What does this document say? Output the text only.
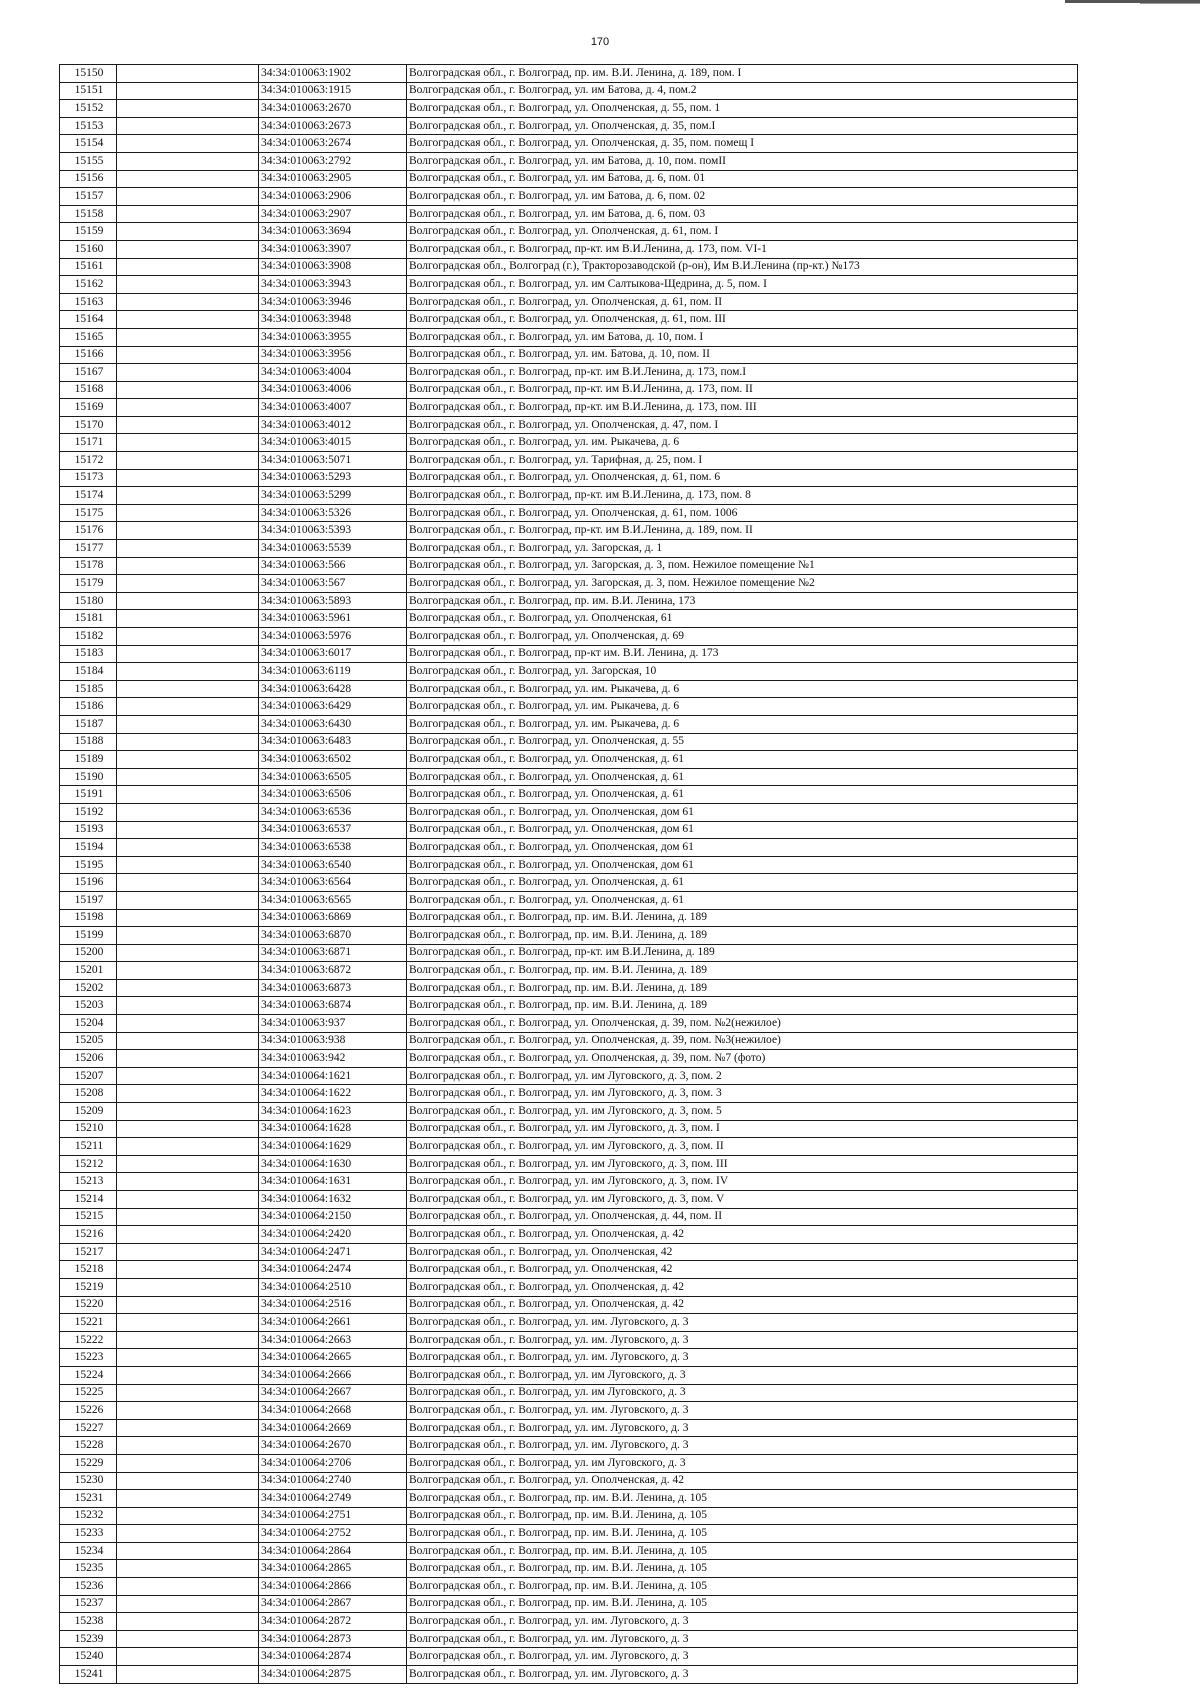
170
15150		34:34:010063:1902	Волгоградская обл., г. Волгоград, пр. им. В.И. Ленина, д. 189, пом. I
15151		34:34:010063:1915	Волгоградская обл., г. Волгоград, ул. им Батова, д. 4, пом.2
15152		34:34:010063:2670	Волгоградская обл., г. Волгоград, ул. Ополченская, д. 55, пом. 1
15153		34:34:010063:2673	Волгоградская обл., г. Волгоград, ул. Ополченская, д. 35, пом.I
15154		34:34:010063:2674	Волгоградская обл., г. Волгоград, ул. Ополченская, д. 35, пом. помещ I
15155		34:34:010063:2792	Волгоградская обл., г. Волгоград, ул. им Батова, д. 10, пом. помII
15156		34:34:010063:2905	Волгоградская обл., г. Волгоград, ул. им Батова, д. 6, пом. 01
15157		34:34:010063:2906	Волгоградская обл., г. Волгоград, ул. им Батова, д. 6, пом. 02
15158		34:34:010063:2907	Волгоградская обл., г. Волгоград, ул. им Батова, д. 6, пом. 03
15159		34:34:010063:3694	Волгоградская обл., г. Волгоград, ул. Ополченская, д. 61, пом. I
15160		34:34:010063:3907	Волгоградская обл., г. Волгоград, пр-кт. им В.И.Ленина, д. 173, пом. VI-1
15161		34:34:010063:3908	Волгоградская обл., Волгоград (г.), Тракторозаводской (р-он), Им В.И.Ленина (пр-кт.) №173
15162		34:34:010063:3943	Волгоградская обл., г. Волгоград, ул. им Салтыкова-Щедрина, д. 5, пом. I
15163		34:34:010063:3946	Волгоградская обл., г. Волгоград, ул. Ополченская, д. 61, пом. II
15164		34:34:010063:3948	Волгоградская обл., г. Волгоград, ул. Ополченская, д. 61, пом. III
15165		34:34:010063:3955	Волгоградская обл., г. Волгоград, ул. им Батова, д. 10, пом. I
15166		34:34:010063:3956	Волгоградская обл., г. Волгоград, ул. им. Батова, д. 10, пом. II
15167		34:34:010063:4004	Волгоградская обл., г. Волгоград, пр-кт. им В.И.Ленина, д. 173, пом.I
15168		34:34:010063:4006	Волгоградская обл., г. Волгоград, пр-кт. им В.И.Ленина, д. 173, пом. II
15169		34:34:010063:4007	Волгоградская обл., г. Волгоград, пр-кт. им В.И.Ленина, д. 173, пом. III
15170		34:34:010063:4012	Волгоградская обл., г. Волгоград, ул. Ополченская, д. 47, пом. I
15171		34:34:010063:4015	Волгоградская обл., г. Волгоград, ул. им. Рыкачева, д. 6
15172		34:34:010063:5071	Волгоградская обл., г. Волгоград, ул. Тарифная, д. 25, пом. I
15173		34:34:010063:5293	Волгоградская обл., г. Волгоград, ул. Ополченская, д. 61, пом. 6
15174		34:34:010063:5299	Волгоградская обл., г. Волгоград, пр-кт. им В.И.Ленина, д. 173, пом. 8
15175		34:34:010063:5326	Волгоградская обл., г. Волгоград, ул. Ополченская, д. 61, пом. 1006
15176		34:34:010063:5393	Волгоградская обл., г. Волгоград, пр-кт. им В.И.Ленина, д. 189, пом. II
15177		34:34:010063:5539	Волгоградская обл., г. Волгоград, ул. Загорская, д. 1
15178		34:34:010063:566	Волгоградская обл., г. Волгоград, ул. Загорская, д. 3, пом. Нежилое помещение №1
15179		34:34:010063:567	Волгоградская обл., г. Волгоград, ул. Загорская, д. 3, пом. Нежилое помещение №2
15180		34:34:010063:5893	Волгоградская обл., г. Волгоград, пр. им. В.И. Ленина, 173
15181		34:34:010063:5961	Волгоградская обл., г. Волгоград, ул. Ополченская, 61
15182		34:34:010063:5976	Волгоградская обл., г. Волгоград, ул. Ополченская, д. 69
15183		34:34:010063:6017	Волгоградская обл., г. Волгоград, пр-кт им. В.И. Ленина, д. 173
15184		34:34:010063:6119	Волгоградская обл., г. Волгоград, ул. Загорская, 10
15185		34:34:010063:6428	Волгоградская обл., г. Волгоград, ул. им. Рыкачева, д. 6
15186		34:34:010063:6429	Волгоградская обл., г. Волгоград, ул. им. Рыкачева, д. 6
15187		34:34:010063:6430	Волгоградская обл., г. Волгоград, ул. им. Рыкачева, д. 6
15188		34:34:010063:6483	Волгоградская обл., г. Волгоград, ул. Ополченская, д. 55
15189		34:34:010063:6502	Волгоградская обл., г. Волгоград, ул. Ополченская, д. 61
15190		34:34:010063:6505	Волгоградская обл., г. Волгоград, ул. Ополченская, д. 61
15191		34:34:010063:6506	Волгоградская обл., г. Волгоград, ул. Ополченская, д. 61
15192		34:34:010063:6536	Волгоградская обл., г. Волгоград, ул. Ополченская, дом 61
15193		34:34:010063:6537	Волгоградская обл., г. Волгоград, ул. Ополченская, дом 61
15194		34:34:010063:6538	Волгоградская обл., г. Волгоград, ул. Ополченская, дом 61
15195		34:34:010063:6540	Волгоградская обл., г. Волгоград, ул. Ополченская, дом 61
15196		34:34:010063:6564	Волгоградская обл., г. Волгоград, ул. Ополченская, д. 61
15197		34:34:010063:6565	Волгоградская обл., г. Волгоград, ул. Ополченская, д. 61
15198		34:34:010063:6869	Волгоградская обл., г. Волгоград, пр. им. В.И. Ленина, д. 189
15199		34:34:010063:6870	Волгоградская обл., г. Волгоград, пр. им. В.И. Ленина, д. 189
15200		34:34:010063:6871	Волгоградская обл., г. Волгоград, пр-кт. им В.И.Ленина, д. 189
15201		34:34:010063:6872	Волгоградская обл., г. Волгоград, пр. им. В.И. Ленина, д. 189
15202		34:34:010063:6873	Волгоградская обл., г. Волгоград, пр. им. В.И. Ленина, д. 189
15203		34:34:010063:6874	Волгоградская обл., г. Волгоград, пр. им. В.И. Ленина, д. 189
15204		34:34:010063:937	Волгоградская обл., г. Волгоград, ул. Ополченская, д. 39, пом. №2(нежилое)
15205		34:34:010063:938	Волгоградская обл., г. Волгоград, ул. Ополченская, д. 39, пом. №3(нежилое)
15206		34:34:010063:942	Волгоградская обл., г. Волгоград, ул. Ополченская, д. 39, пом. №7 (фото)
15207		34:34:010064:1621	Волгоградская обл., г. Волгоград, ул. им Луговского, д. 3, пом. 2
15208		34:34:010064:1622	Волгоградская обл., г. Волгоград, ул. им Луговского, д. 3, пом. 3
15209		34:34:010064:1623	Волгоградская обл., г. Волгоград, ул. им Луговского, д. 3, пом. 5
15210		34:34:010064:1628	Волгоградская обл., г. Волгоград, ул. им Луговского, д. 3, пом. I
15211		34:34:010064:1629	Волгоградская обл., г. Волгоград, ул. им Луговского, д. 3, пом. II
15212		34:34:010064:1630	Волгоградская обл., г. Волгоград, ул. им Луговского, д. 3, пом. III
15213		34:34:010064:1631	Волгоградская обл., г. Волгоград, ул. им Луговского, д. 3, пом. IV
15214		34:34:010064:1632	Волгоградская обл., г. Волгоград, ул. им Луговского, д. 3, пом. V
15215		34:34:010064:2150	Волгоградская обл., г. Волгоград, ул. Ополченская, д. 44, пом. II
15216		34:34:010064:2420	Волгоградская обл., г. Волгоград, ул. Ополченская, д. 42
15217		34:34:010064:2471	Волгоградская обл., г. Волгоград, ул. Ополченская, 42
15218		34:34:010064:2474	Волгоградская обл., г. Волгоград, ул. Ополченская, 42
15219		34:34:010064:2510	Волгоградская обл., г. Волгоград, ул. Ополченская, д. 42
15220		34:34:010064:2516	Волгоградская обл., г. Волгоград, ул. Ополченская, д. 42
15221		34:34:010064:2661	Волгоградская обл., г. Волгоград, ул. им. Луговского, д. 3
15222		34:34:010064:2663	Волгоградская обл., г. Волгоград, ул. им. Луговского, д. 3
15223		34:34:010064:2665	Волгоградская обл., г. Волгоград, ул. им. Луговского, д. 3
15224		34:34:010064:2666	Волгоградская обл., г. Волгоград, ул. им Луговского, д. 3
15225		34:34:010064:2667	Волгоградская обл., г. Волгоград, ул. им Луговского, д. 3
15226		34:34:010064:2668	Волгоградская обл., г. Волгоград, ул. им. Луговского, д. 3
15227		34:34:010064:2669	Волгоградская обл., г. Волгоград, ул. им. Луговского, д. 3
15228		34:34:010064:2670	Волгоградская обл., г. Волгоград, ул. им. Луговского, д. 3
15229		34:34:010064:2706	Волгоградская обл., г. Волгоград, ул. им Луговского, д. 3
15230		34:34:010064:2740	Волгоградская обл., г. Волгоград, ул. Ополченская, д. 42
15231		34:34:010064:2749	Волгоградская обл., г. Волгоград, пр. им. В.И. Ленина, д. 105
15232		34:34:010064:2751	Волгоградская обл., г. Волгоград, пр. им. В.И. Ленина, д. 105
15233		34:34:010064:2752	Волгоградская обл., г. Волгоград, пр. им. В.И. Ленина, д. 105
15234		34:34:010064:2864	Волгоградская обл., г. Волгоград, пр. им. В.И. Ленина, д. 105
15235		34:34:010064:2865	Волгоградская обл., г. Волгоград, пр. им. В.И. Ленина, д. 105
15236		34:34:010064:2866	Волгоградская обл., г. Волгоград, пр. им. В.И. Ленина, д. 105
15237		34:34:010064:2867	Волгоградская обл., г. Волгоград, пр. им. В.И. Ленина, д. 105
15238		34:34:010064:2872	Волгоградская обл., г. Волгоград, ул. им. Луговского, д. 3
15239		34:34:010064:2873	Волгоградская обл., г. Волгоград, ул. им. Луговского, д. 3
15240		34:34:010064:2874	Волгоградская обл., г. Волгоград, ул. им. Луговского, д. 3
15241		34:34:010064:2875	Волгоградская обл., г. Волгоград, ул. им. Луговского, д. 3
